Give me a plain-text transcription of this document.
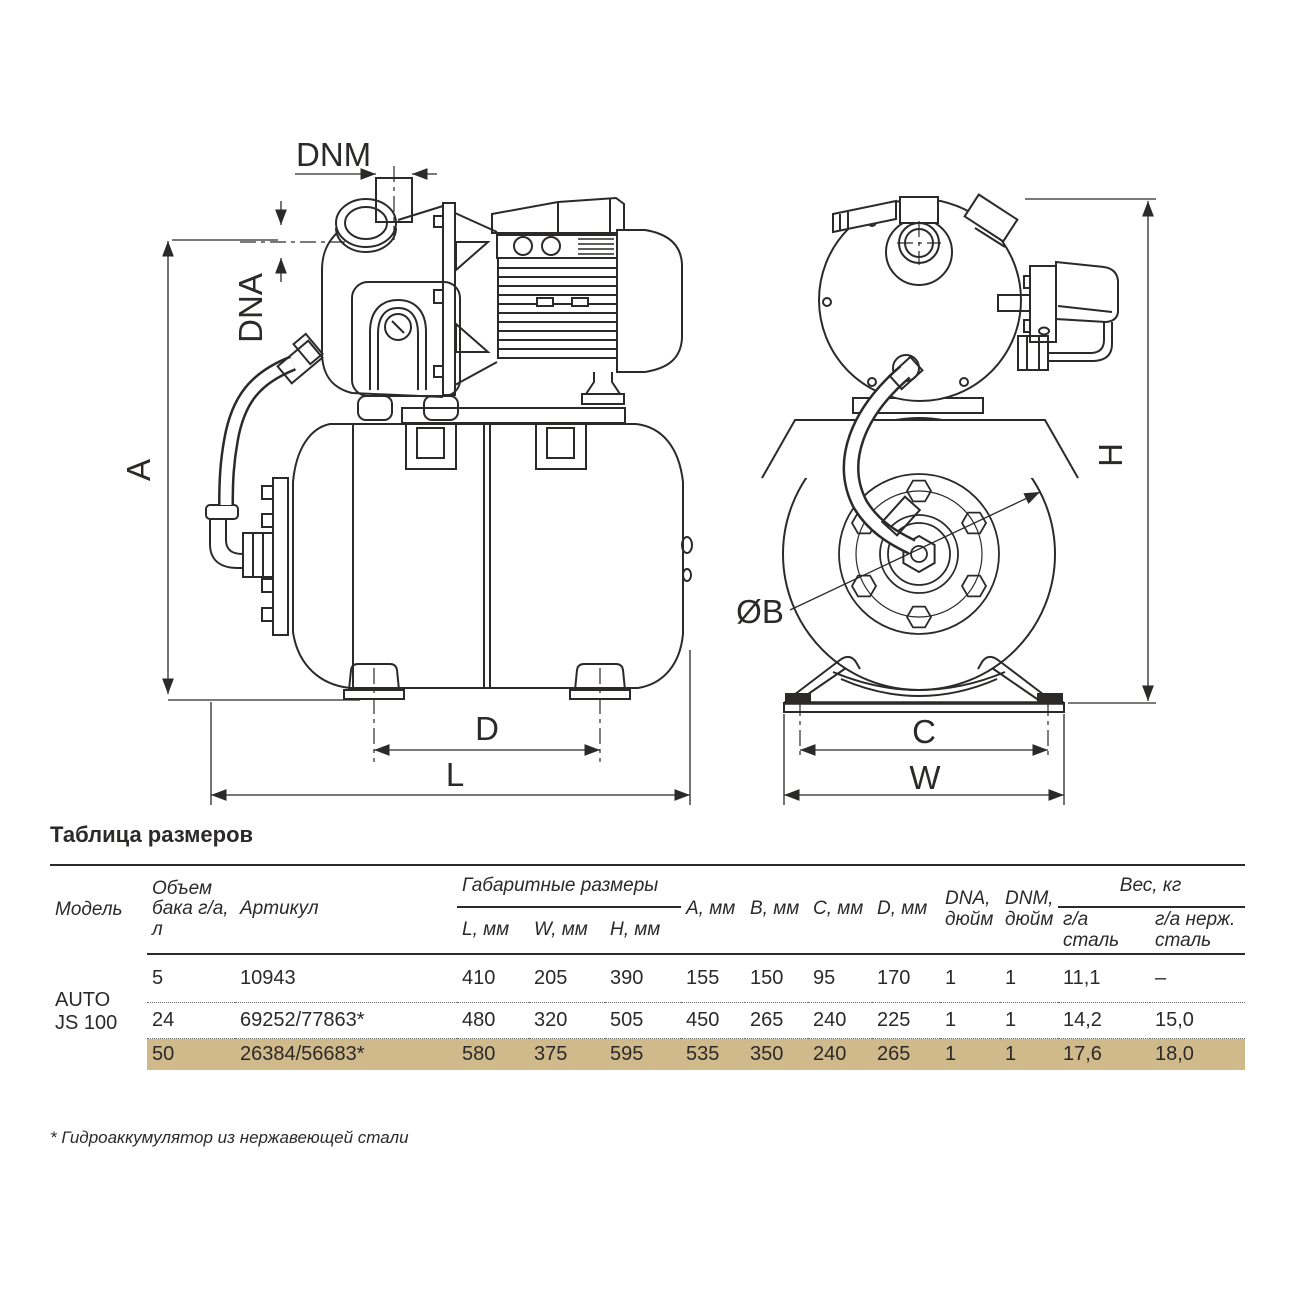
DNM
DNA
A
D
L
ØB
C
W
H
Таблица размеров
Модель	Объем бака г/а, л	Артикул	Габаритные размеры			A, мм	B, мм	C, мм	D, мм	DNA, дюйм	DNM, дюйм	Вес, кг	
			L, мм	W, мм	H, мм							г/а сталь	г/а нерж. сталь
AUTO
JS 100	5	10943	410	205	390	155	150	95	170	1	1	11,1	–
	24	69252/77863*	480	320	505	450	265	240	225	1	1	14,2	15,0
	50	26384/56683*	580	375	595	535	350	240	265	1	1	17,6	18,0
* Гидроаккумулятор из нержавеющей стали
